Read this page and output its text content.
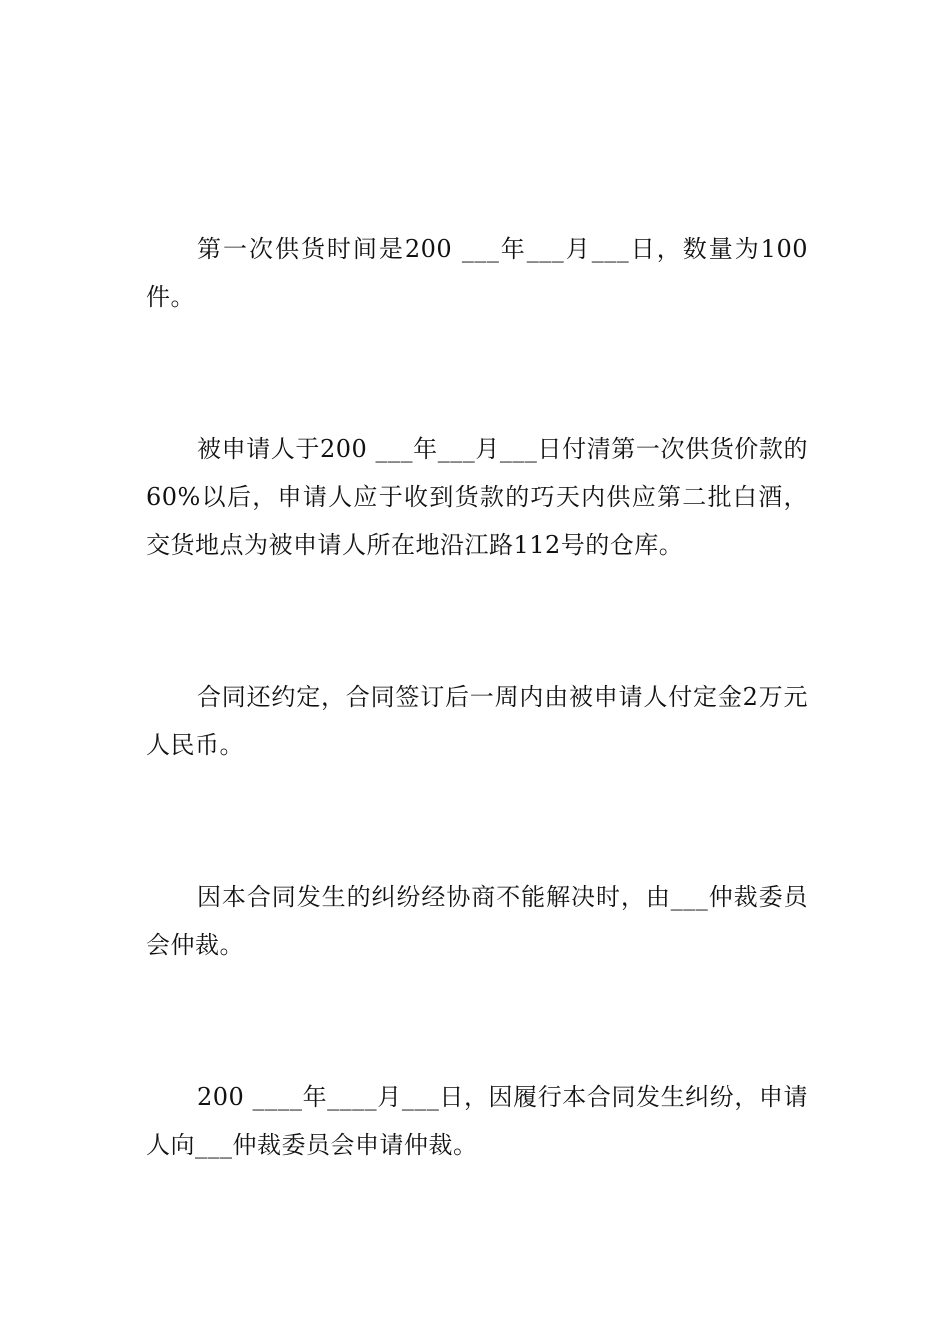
第一次供货时间是200 ___年___月___日，数量为100件。

被申请人于200 ___年___月___日付清第一次供货价款的60%以后，申请人应于收到货款的巧天内供应第二批白酒，交货地点为被申请人所在地沿江路112号的仓库。

合同还约定，合同签订后一周内由被申请人付定金2万元人民币。

因本合同发生的纠纷经协商不能解决时，由___仲裁委员会仲裁。

200 ____年____月___日，因履行本合同发生纠纷，申请人向___仲裁委员会申请仲裁。
